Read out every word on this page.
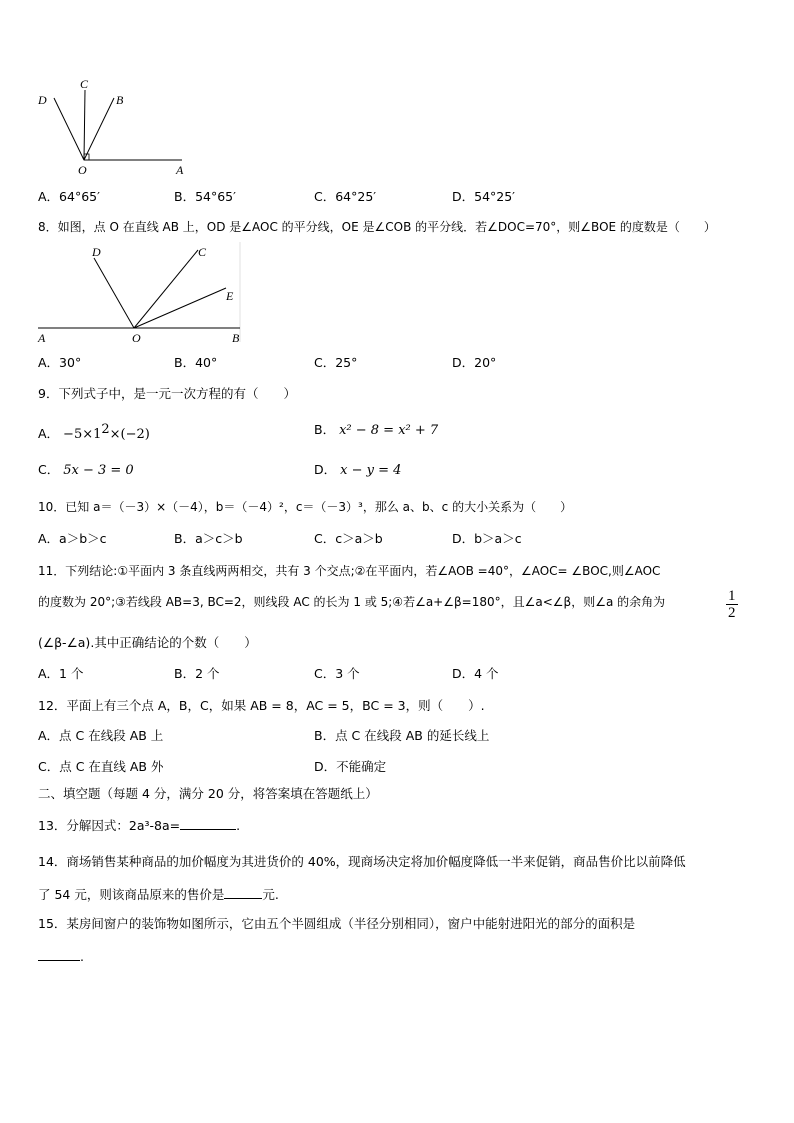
C
D	B
O	A
A．64°65′	B．54°65′	C．64°25′	D．54°25′
8．如图，点 O 在直线 AB 上，OD 是∠AOC 的平分线，OE 是∠COB 的平分线．若∠DOC=70°，则∠BOE 的度数是（　　）
D	C
E
A	O	B
A．30°	B．40°	C．25°	D．20°
9．下列式子中，是一元一次方程的有（　　）
A． $-5\times 1^2\times(-2)$	B． x² − 8 = x² + 7
C． 5x − 3 = 0	D． x − y = 4
10．已知 a＝（－3）×（－4），b＝（－4）²，c＝（－3）³，那么 a、b、c 的大小关系为（　　）
A．a＞b＞c	B．a＞c＞b	C．c＞a＞b	D．b＞a＞c
11．下列结论:①平面内 3 条直线两两相交，共有 3 个交点;②在平面内，若∠AOB =40°，∠AOC= ∠BOC,则∠AOC
的度数为 20°;③若线段 AB=3, BC=2，则线段 AC 的长为 1 或 5;④若∠a+∠β=180°，且∠a<∠β，则∠a 的余角为	$\frac{1}{2}$
(∠β-∠a).其中正确结论的个数（　　）
A．1 个	B．2 个	C．3 个	D．4 个
12．平面上有三个点 A，B，C，如果 AB = 8，AC = 5，BC = 3，则（　　）.
A．点 C 在线段 AB 上	B．点 C 在线段 AB 的延长线上
C．点 C 在直线 AB 外	D．不能确定
二、填空题（每题 4 分，满分 20 分，将答案填在答题纸上）
13．分解因式：2a³-8a=	.
14．商场销售某种商品的加价幅度为其进货价的 40%，现商场决定将加价幅度降低一半来促销，商品售价比以前降低
了 54 元，则该商品原来的售价是	元.
15．某房间窗户的装饰物如图所示，它由五个半圆组成（半径分别相同），窗户中能射进阳光的部分的面积是
.
